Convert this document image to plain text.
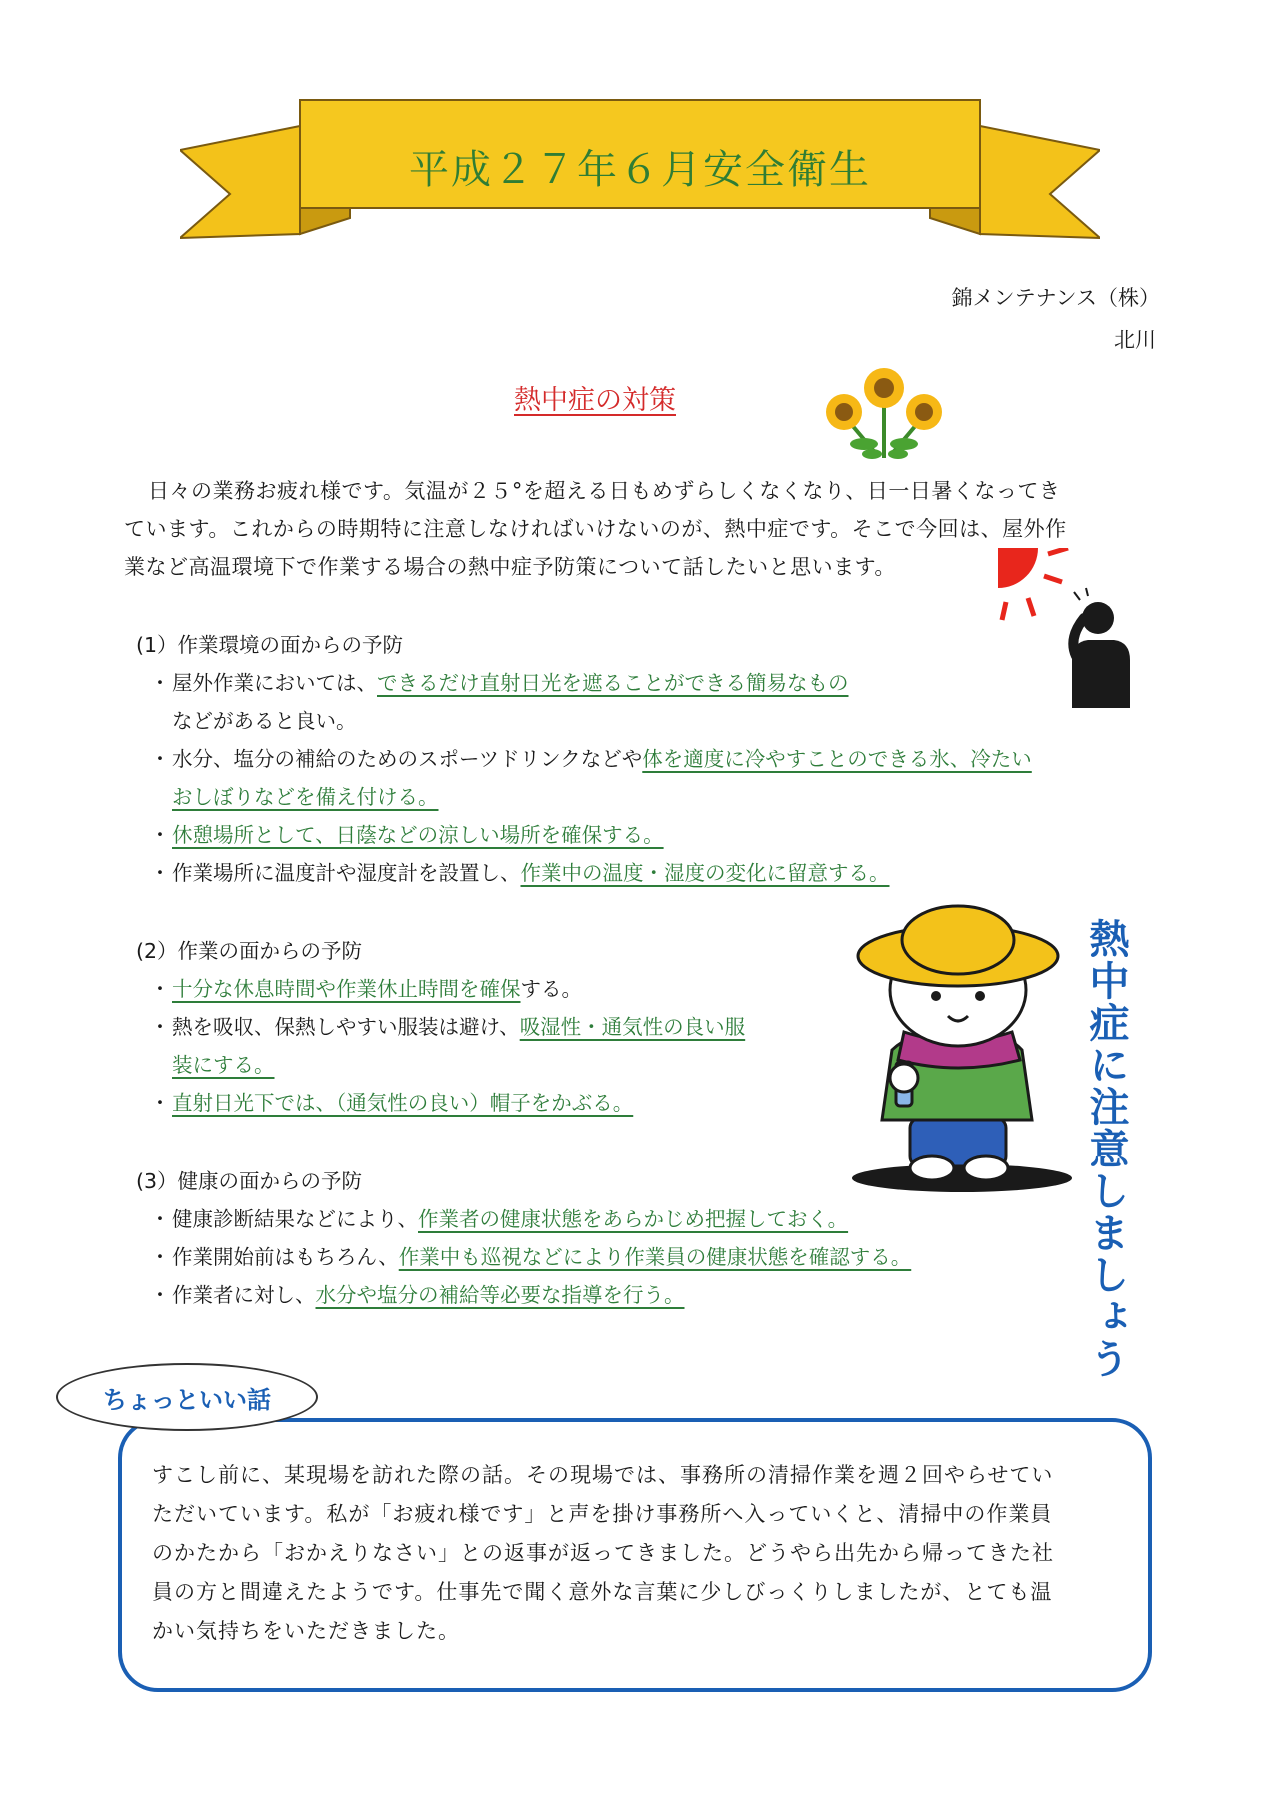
平成２７年６月安全衛生
錦メンテナンス（株）
北川
熱中症の対策
日々の業務お疲れ様です。気温が２５°を超える日もめずらしくなくなり、日一日暑くなってき
ています。これからの時期特に注意しなければいけないのが、熱中症です。そこで今回は、屋外作
業など高温環境下で作業する場合の熱中症予防策について話したいと思います。
(1）作業環境の面からの予防
・屋外作業においては、できるだけ直射日光を遮ることができる簡易なもの
などがあると良い。
・水分、塩分の補給のためのスポーツドリンクなどや体を適度に冷やすことのできる氷、冷たい
おしぼりなどを備え付ける。
・休憩場所として、日蔭などの涼しい場所を確保する。
・作業場所に温度計や湿度計を設置し、作業中の温度・湿度の変化に留意する。
(2）作業の面からの予防
・十分な休息時間や作業休止時間を確保する。
・熱を吸収、保熱しやすい服装は避け、吸湿性・通気性の良い服
装にする。
・直射日光下では、（通気性の良い）帽子をかぶる。	熱中症に注意しましょう
(3）健康の面からの予防
・健康診断結果などにより、作業者の健康状態をあらかじめ把握しておく。
・作業開始前はもちろん、作業中も巡視などにより作業員の健康状態を確認する。
・作業者に対し、水分や塩分の補給等必要な指導を行う。
ちょっといい話
すこし前に、某現場を訪れた際の話。その現場では、事務所の清掃作業を週２回やらせてい
ただいています。私が「お疲れ様です」と声を掛け事務所へ入っていくと、清掃中の作業員
のかたから「おかえりなさい」との返事が返ってきました。どうやら出先から帰ってきた社
員の方と間違えたようです。仕事先で聞く意外な言葉に少しびっくりしましたが、とても温
かい気持ちをいただきました。
